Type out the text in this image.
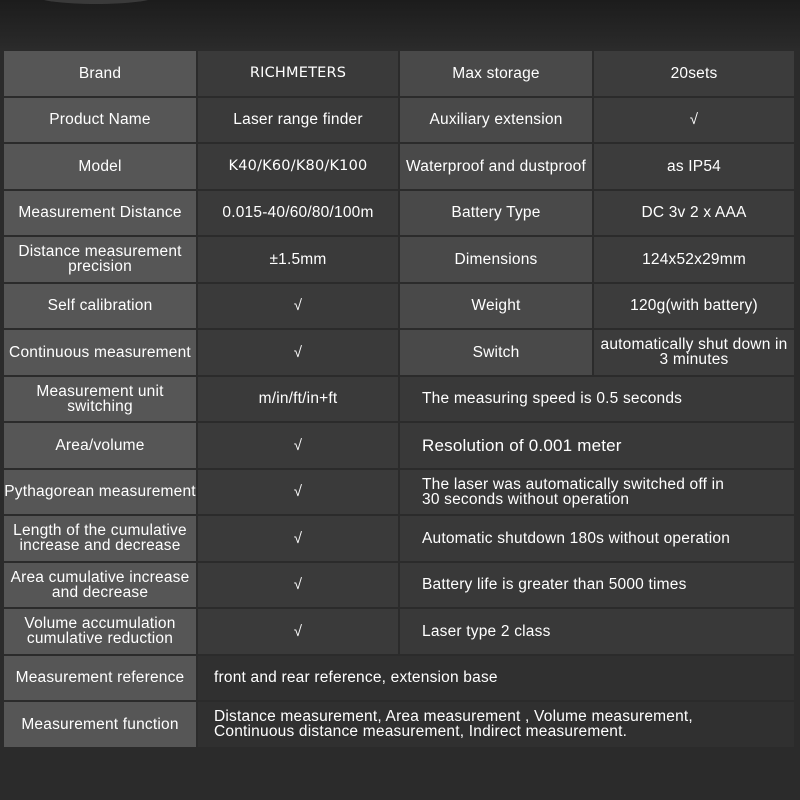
Brand	RICHMETERS	Max storage	20sets
Product Name	Laser range finder	Auxiliary extension	√
Model	K40/K60/K80/K100	Waterproof and dustproof	as IP54
Measurement Distance	0.015-40/60/80/100m	Battery Type	DC 3v 2 x AAA
Distance measurement precision	±1.5mm	Dimensions	124x52x29mm
Self calibration	√	Weight	120g(with battery)
Continuous measurement	√	Switch	automatically shut down in 3 minutes
Measurement unit switching	m/in/ft/in+ft	The measuring speed is 0.5 seconds	
Area/volume	√	Resolution of 0.001 meter	
Pythagorean measurement	√	The laser was automatically switched off in 30 seconds without operation	
Length of the cumulative increase and decrease	√	Automatic shutdown 180s without operation	
Area cumulative increase and decrease	√	Battery life is greater than 5000 times	
Volume accumulation cumulative reduction	√	Laser type 2 class	
Measurement reference	front and rear reference, extension base		
Measurement function	Distance measurement, Area measurement , Volume measurement, Continuous distance measurement, Indirect measurement.		
